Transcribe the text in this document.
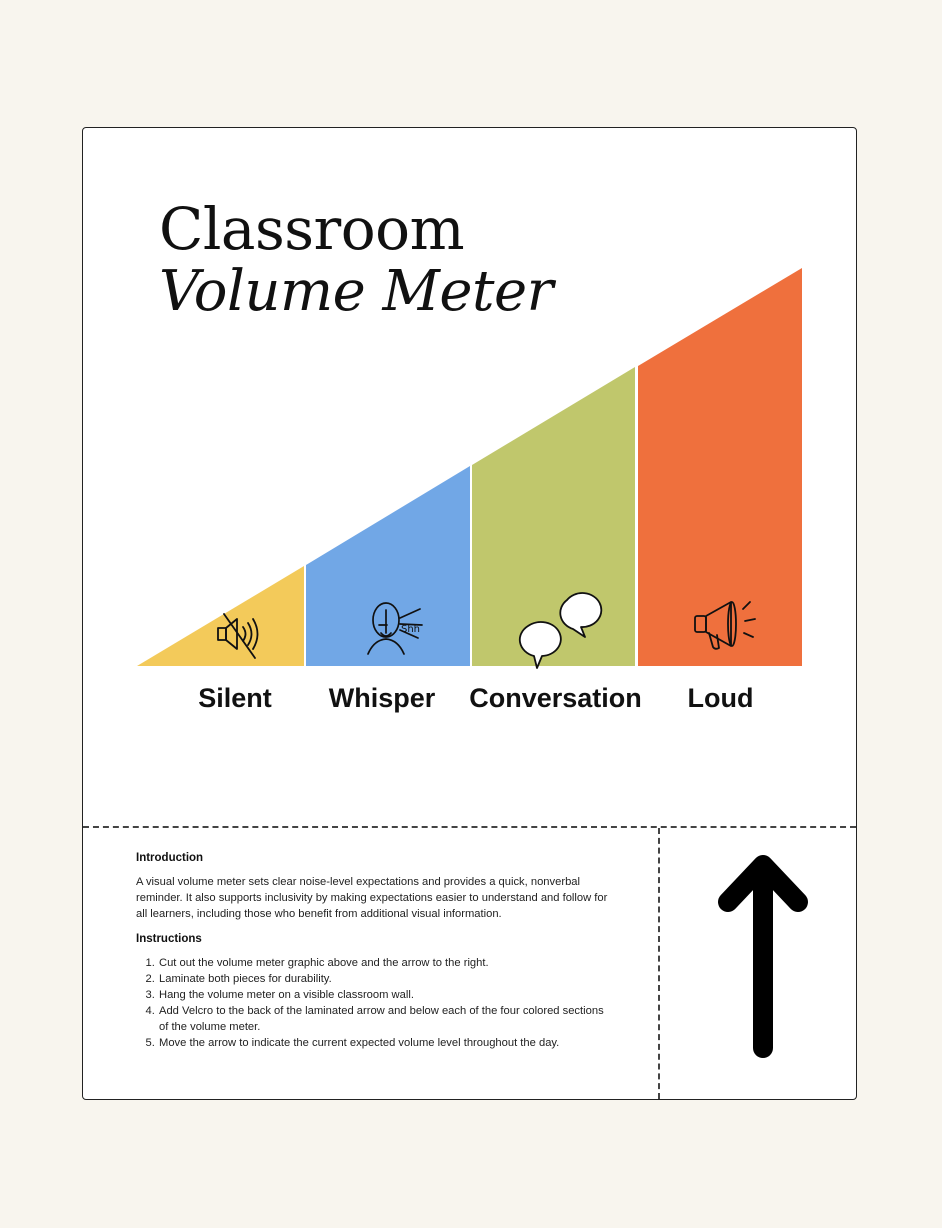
Classroom
Volume Meter
Shh
Silent	Whisper Conversation	Loud
Introduction

A visual volume meter sets clear noise-level expectations and provides a quick, nonverbal reminder. It also supports inclusivity by making expectations easier to understand and follow for all learners, including those who benefit from additional visual information.

Instructions
1. Cut out the volume meter graphic above and the arrow to the right.
2. Laminate both pieces for durability.
3. Hang the volume meter on a visible classroom wall.
4. Add Velcro to the back of the laminated arrow and below each of the four colored sections of the volume meter.
5. Move the arrow to indicate the current expected volume level throughout the day.
